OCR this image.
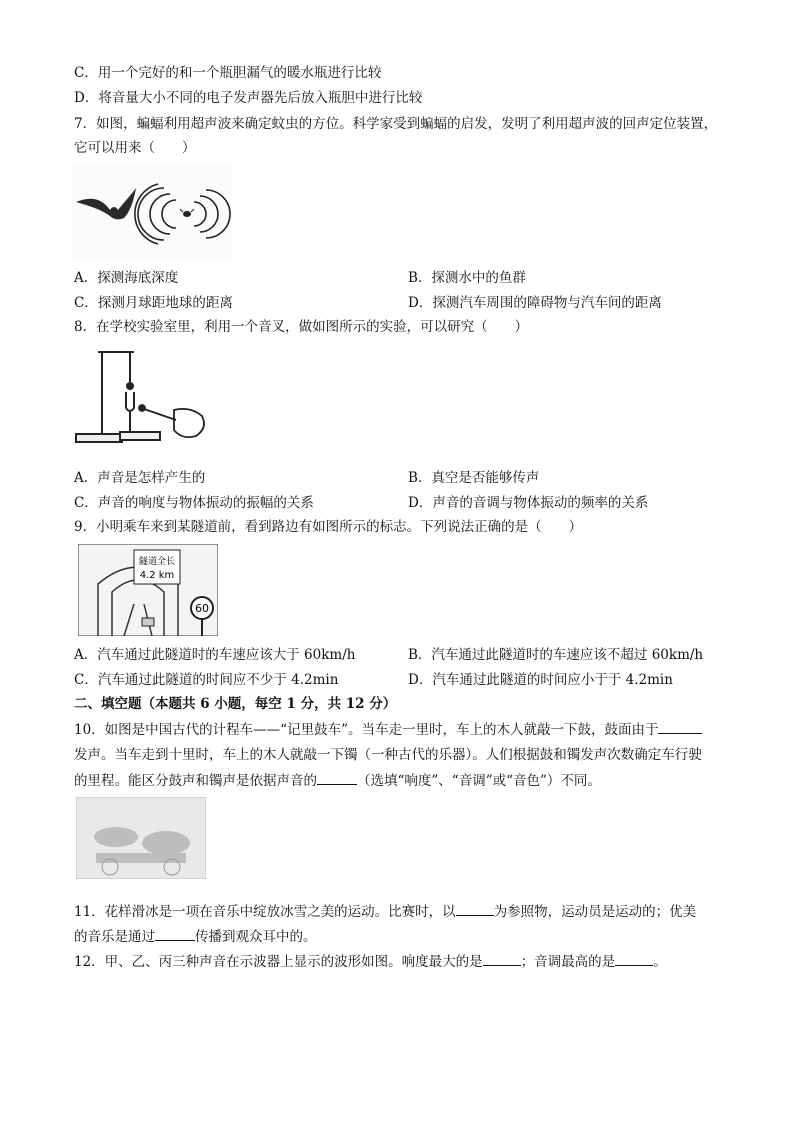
C．用一个完好的和一个瓶胆漏气的暖水瓶进行比较
D．将音量大小不同的电子发声器先后放入瓶胆中进行比较
7．如图，蝙蝠利用超声波来确定蚊虫的方位。科学家受到蝙蝠的启发，发明了利用超声波的回声定位装置，
它可以用来（　　）
A．探测海底深度	B．探测水中的鱼群
C．探测月球距地球的距离	D．探测汽车周围的障碍物与汽车间的距离
8．在学校实验室里，利用一个音叉，做如图所示的实验，可以研究（　　）
A．声音是怎样产生的	B．真空是否能够传声
C．声音的响度与物体振动的振幅的关系	D．声音的音调与物体振动的频率的关系
9．小明乘车来到某隧道前，看到路边有如图所示的标志。下列说法正确的是（　　）
隧道全长
4.2 km
60
A．汽车通过此隧道时的车速应该大于 60km/h	B．汽车通过此隧道时的车速应该不超过 60km/h
C．汽车通过此隧道的时间应不少于 4.2min	D．汽车通过此隧道的时间应小于于 4.2min
二、填空题（本题共 6 小题，每空 1 分，共 12 分）
10．如图是中国古代的计程车——“记里鼓车”。当车走一里时，车上的木人就敲一下鼓，鼓面由于
发声。当车走到十里时，车上的木人就敲一下镯（一种古代的乐器）。人们根据鼓和镯发声次数确定车行驶
的里程。能区分鼓声和镯声是依据声音的	（选填“响度”、“音调”或“音色”）不同。
11．花样滑冰是一项在音乐中绽放冰雪之美的运动。比赛时，以	为参照物，运动员是运动的；优美
的音乐是通过	传播到观众耳中的。
12．甲、乙、丙三种声音在示波器上显示的波形如图。响度最大的是	；音调最高的是	。
